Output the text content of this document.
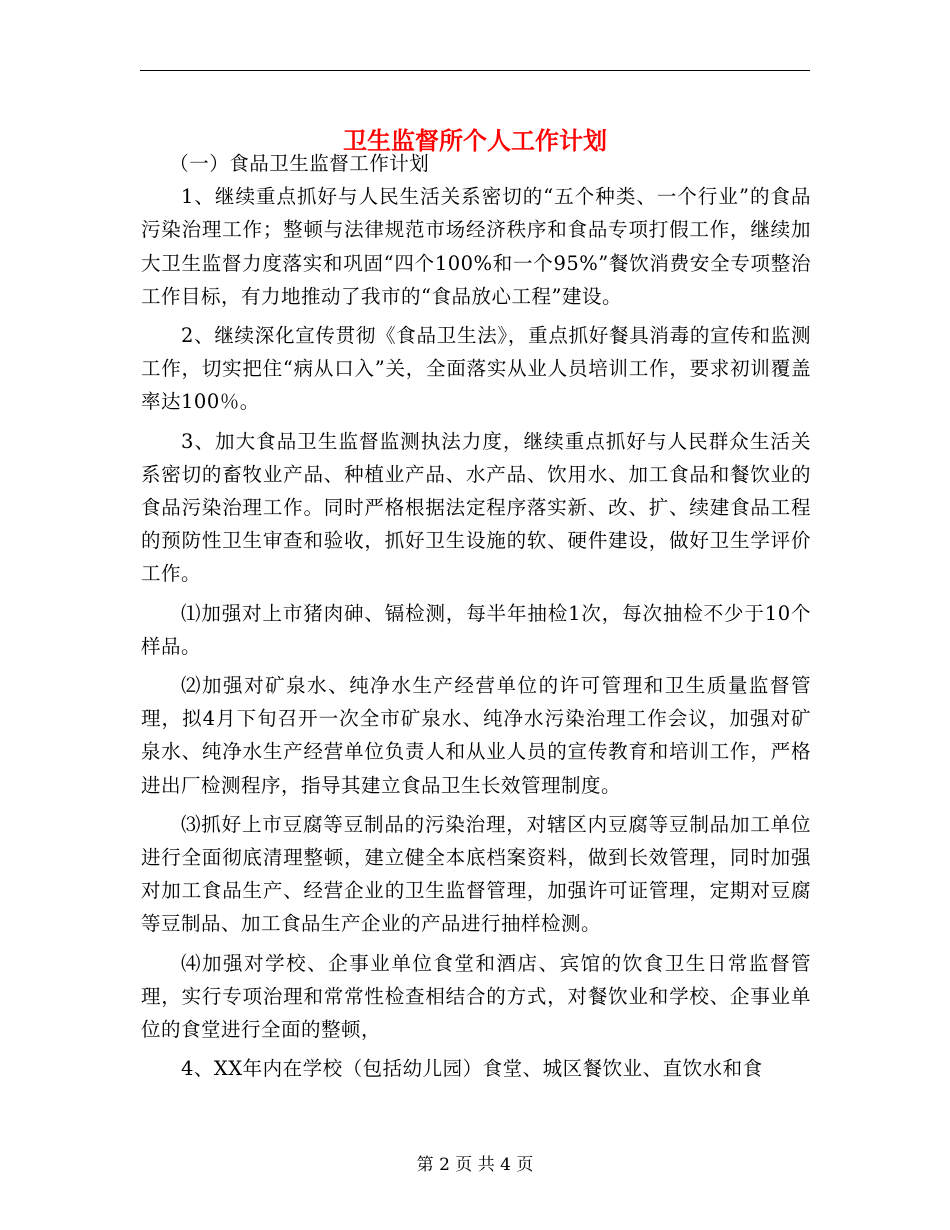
卫生监督所个人工作计划

（一）食品卫生监督工作计划

1、继续重点抓好与人民生活关系密切的“五个种类、一个行业”的食品污染治理工作；整顿与法律规范市场经济秩序和食品专项打假工作，继续加大卫生监督力度落实和巩固“四个100%和一个95%”餐饮消费安全专项整治工作目标，有力地推动了我市的“食品放心工程”建设。

2、继续深化宣传贯彻《食品卫生法》，重点抓好餐具消毒的宣传和监测工作，切实把住“病从口入”关，全面落实从业人员培训工作，要求初训覆盖率达100％。

3、加大食品卫生监督监测执法力度，继续重点抓好与人民群众生活关系密切的畜牧业产品、种植业产品、水产品、饮用水、加工食品和餐饮业的食品污染治理工作。同时严格根据法定程序落实新、改、扩、续建食品工程的预防性卫生审查和验收，抓好卫生设施的软、硬件建设，做好卫生学评价工作。

⑴加强对上市猪肉砷、镉检测，每半年抽检1次，每次抽检不少于10个样品。

⑵加强对矿泉水、纯净水生产经营单位的许可管理和卫生质量监督管理，拟4月下旬召开一次全市矿泉水、纯净水污染治理工作会议，加强对矿泉水、纯净水生产经营单位负责人和从业人员的宣传教育和培训工作，严格进出厂检测程序，指导其建立食品卫生长效管理制度。

⑶抓好上市豆腐等豆制品的污染治理，对辖区内豆腐等豆制品加工单位进行全面彻底清理整顿，建立健全本底档案资料，做到长效管理，同时加强对加工食品生产、经营企业的卫生监督管理，加强许可证管理，定期对豆腐等豆制品、加工食品生产企业的产品进行抽样检测。

⑷加强对学校、企事业单位食堂和酒店、宾馆的饮食卫生日常监督管理，实行专项治理和常常性检查相结合的方式，对餐饮业和学校、企事业单位的食堂进行全面的整顿，

4、XX年内在学校（包括幼儿园）食堂、城区餐饮业、直饮水和食

第 2 页 共 4 页
